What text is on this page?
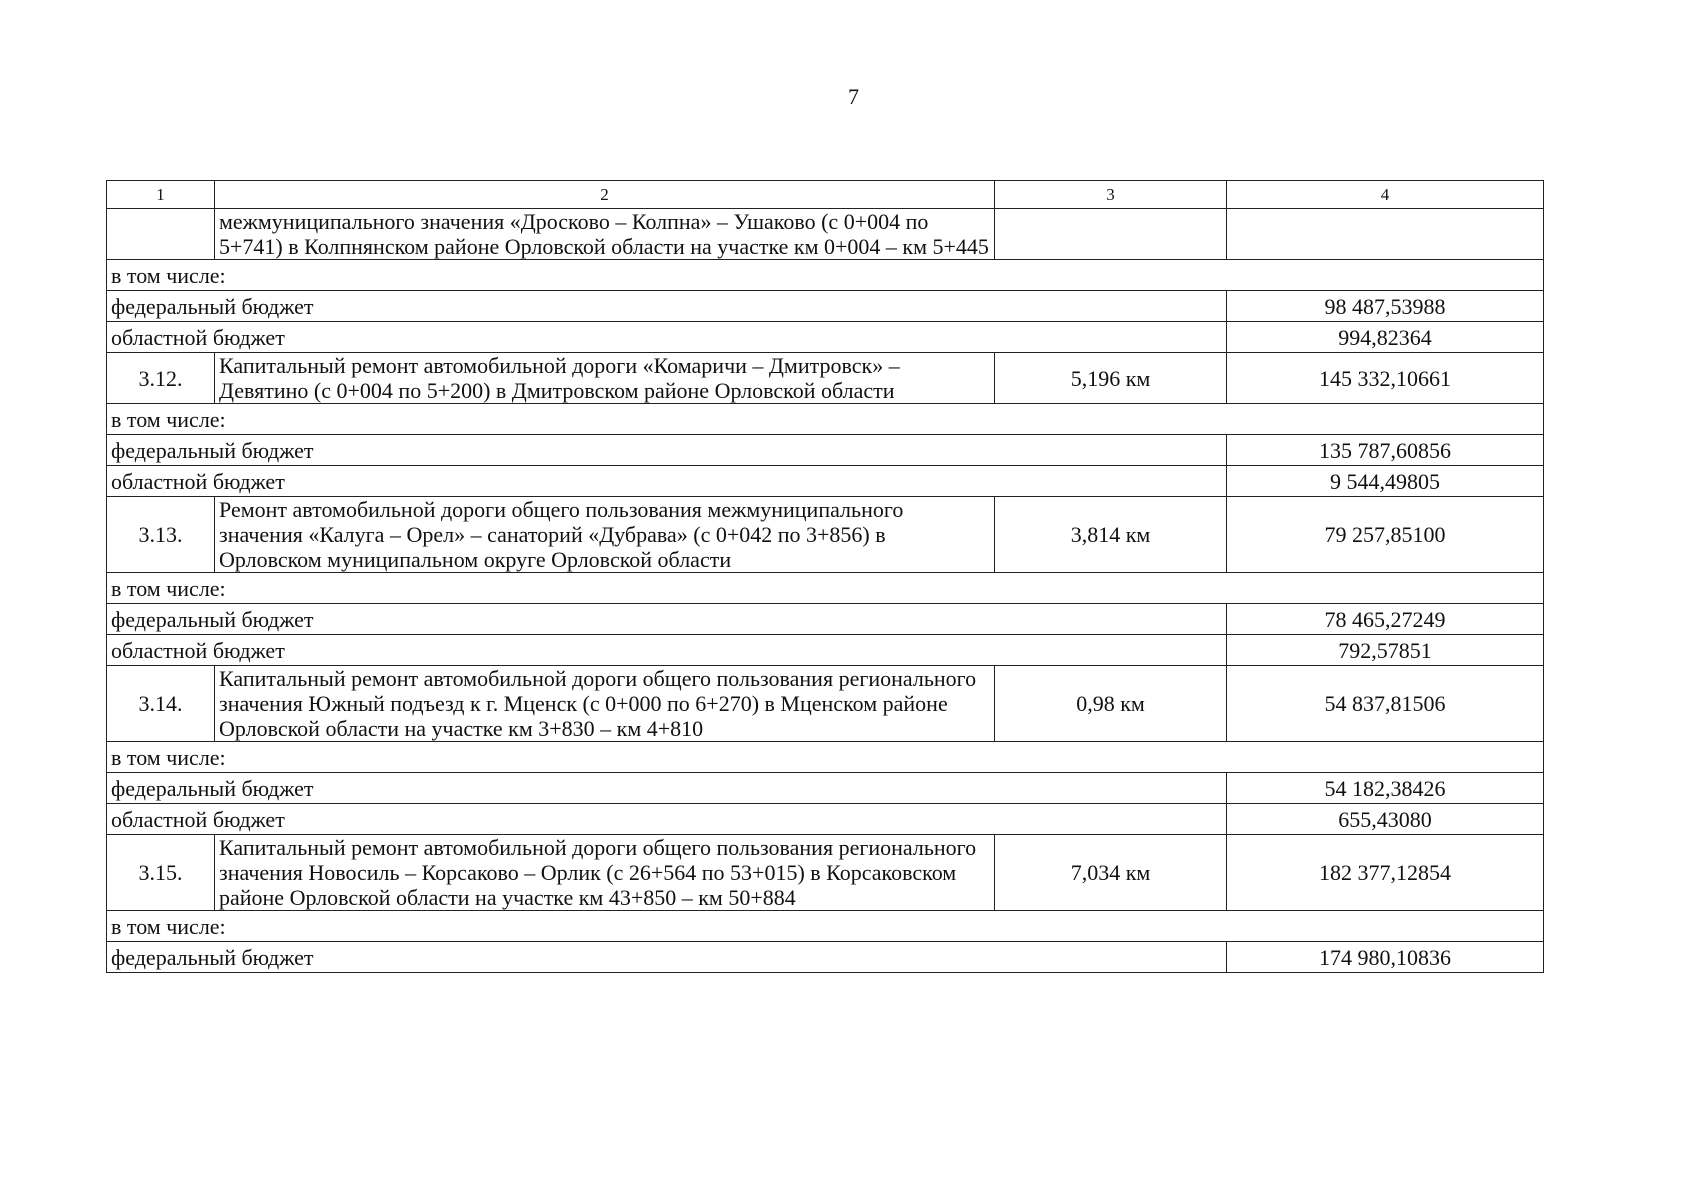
7
1	2	3	4
	межмуниципального значения «Дросково – Колпна» – Ушаково (с 0+004 по 5+741) в Колпнянском районе Орловской области на участке км 0+004 – км 5+445		
в том числе:			
федеральный бюджет			98 487,53988
областной бюджет			994,82364
3.12.	Капитальный ремонт автомобильной дороги «Комаричи – Дмитровск» – Девятино (с 0+004 по 5+200) в Дмитровском районе Орловской области	5,196 км	145 332,10661
в том числе:			
федеральный бюджет			135 787,60856
областной бюджет			9 544,49805
3.13.	Ремонт автомобильной дороги общего пользования межмуниципального значения «Калуга – Орел» – санаторий «Дубрава» (с 0+042 по 3+856) в Орловском муниципальном округе Орловской области	3,814 км	79 257,85100
в том числе:			
федеральный бюджет			78 465,27249
областной бюджет			792,57851
3.14.	Капитальный ремонт автомобильной дороги общего пользования регионального значения Южный подъезд к г. Мценск (с 0+000 по 6+270) в Мценском районе Орловской области на участке км 3+830 – км 4+810	0,98 км	54 837,81506
в том числе:			
федеральный бюджет			54 182,38426
областной бюджет			655,43080
3.15.	Капитальный ремонт автомобильной дороги общего пользования регионального значения Новосиль – Корсаково – Орлик (с 26+564 по 53+015) в Корсаковском районе Орловской области на участке км 43+850 – км 50+884	7,034 км	182 377,12854
в том числе:			
федеральный бюджет			174 980,10836
